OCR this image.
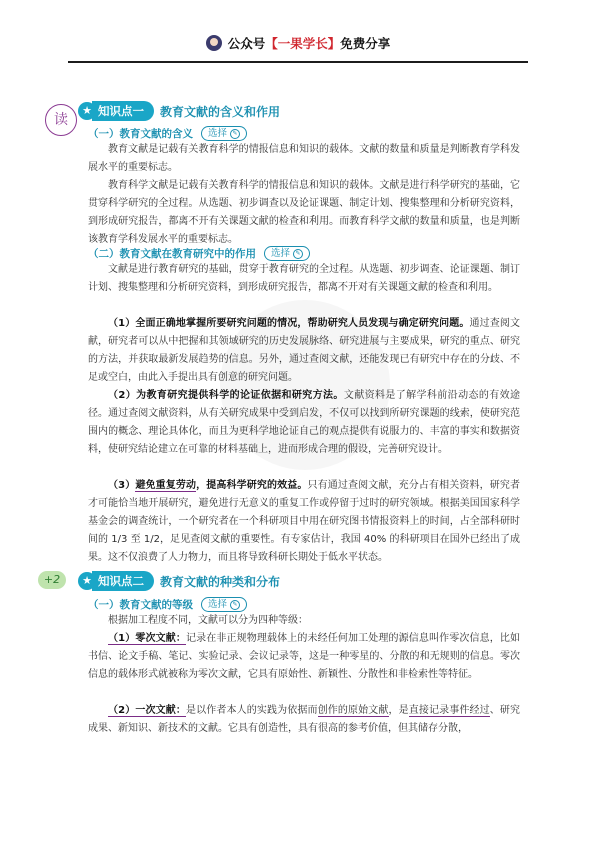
公众号【一果学长】免费分享
读
★ 知识点一	教育文献的含义和作用
（一）教育文献的含义 选择 ✎

教育文献是记载有关教育科学的情报信息和知识的载体。文献的数量和质量是判断教育学科发展水平的重要标志。

教育科学文献是记载有关教育科学的情报信息和知识的载体。文献是进行科学研究的基础，它贯穿科学研究的全过程。从选题、初步调查以及论证课题、制定计划、搜集整理和分析研究资料，到形成研究报告，都离不开有关课题文献的检查和利用。而教育科学文献的数量和质量，也是判断该教育学科发展水平的重要标志。

（二）教育文献在教育研究中的作用 选择 ✎

文献是进行教育研究的基础，贯穿于教育研究的全过程。从选题、初步调查、论证课题、制订计划、搜集整理和分析研究资料，到形成研究报告，都离不开对有关课题文献的检查和利用。

（1）全面正确地掌握所要研究问题的情况，帮助研究人员发现与确定研究问题。通过查阅文献，研究者可以从中把握和其领域研究的历史发展脉络、研究进展与主要成果，研究的重点、研究的方法，并获取最新发展趋势的信息。另外，通过查阅文献，还能发现已有研究中存在的分歧、不足或空白，由此入手提出具有创意的研究问题。

（2）为教育研究提供科学的论证依据和研究方法。文献资料是了解学科前沿动态的有效途径。通过查阅文献资料，从有关研究成果中受到启发，不仅可以找到所研究课题的线索，使研究范围内的概念、理论具体化，而且为更科学地论证自己的观点提供有说服力的、丰富的事实和数据资料，使研究结论建立在可靠的材料基础上，进而形成合理的假设，完善研究设计。

（3）避免重复劳动，提高科学研究的效益。只有通过查阅文献，充分占有相关资料，研究者才可能恰当地开展研究，避免进行无意义的重复工作或停留于过时的研究领域。根据美国国家科学基金会的调查统计，一个研究者在一个科研项目中用在研究图书情报资料上的时间，占全部科研时间的 1/3 至 1/2，足见查阅文献的重要性。有专家估计，我国 40% 的科研项目在国外已经出了成果。这不仅浪费了人力物力，而且将导致科研长期处于低水平状态。

+2	★ 知识点二	教育文献的种类和分布
（一）教育文献的等级 选择 ✎

根据加工程度不同，文献可以分为四种等级：

（1）零次文献：记录在非正规物理载体上的未经任何加工处理的源信息叫作零次信息，比如书信、论文手稿、笔记、实验记录、会议记录等，这是一种零星的、分散的和无规则的信息。零次信息的载体形式就被称为零次文献，它具有原始性、新颖性、分散性和非检索性等特征。

（2）一次文献：是以作者本人的实践为依据而创作的原始文献，是直接记录事件经过、研究成果、新知识、新技术的文献。它具有创造性，具有很高的参考价值，但其储存分散，
